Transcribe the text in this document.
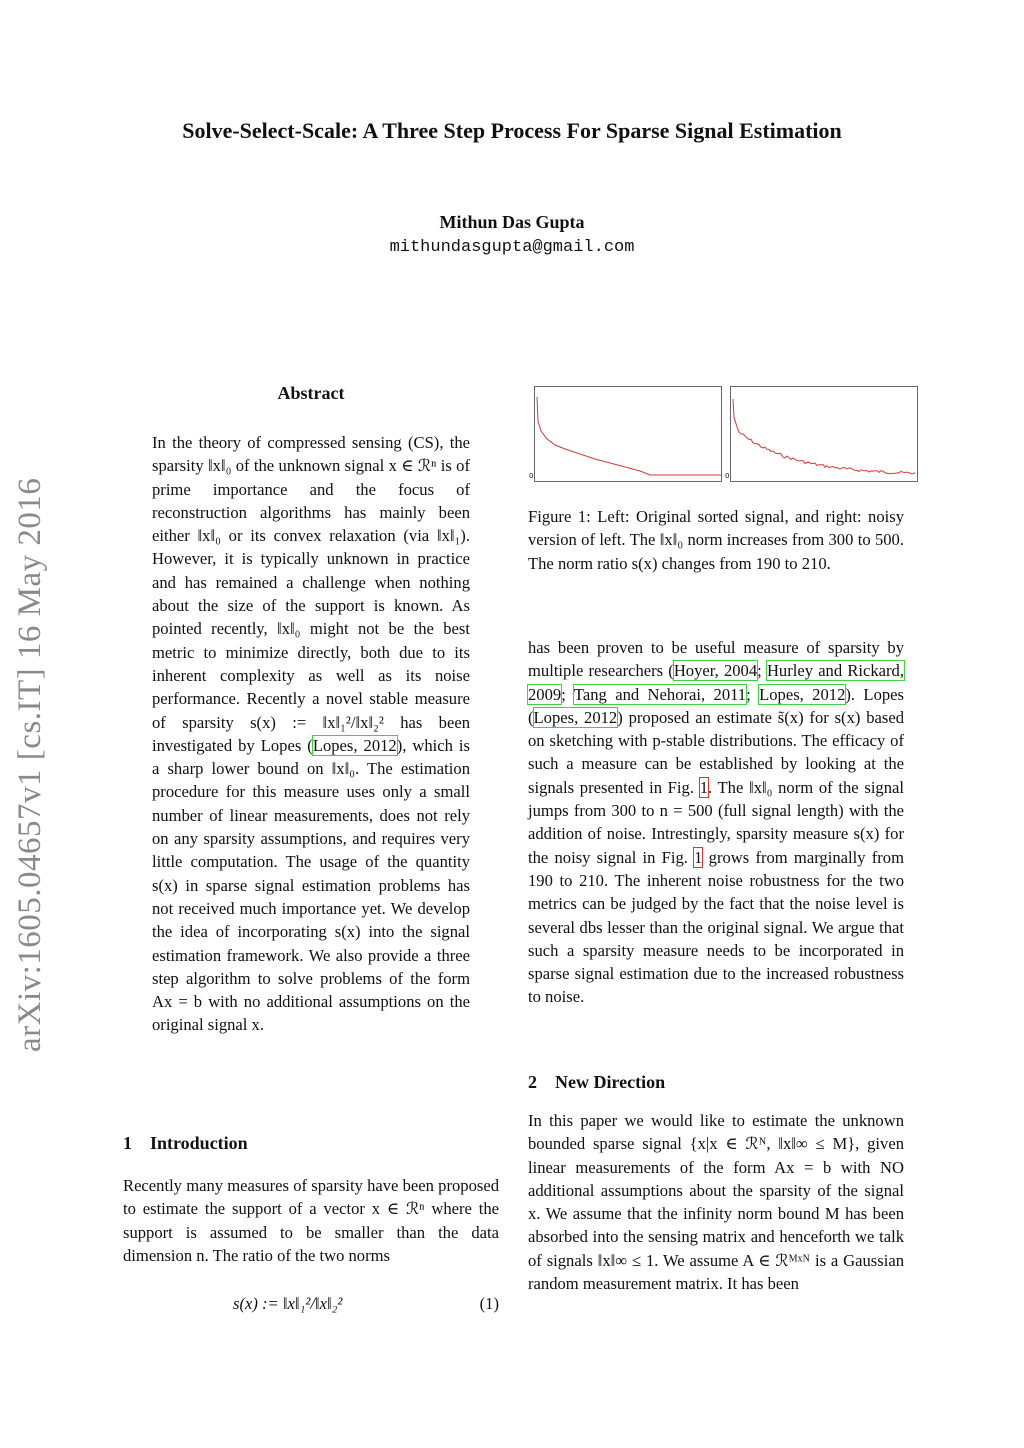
Solve-Select-Scale: A Three Step Process For Sparse Signal Estimation
Mithun Das Gupta
mithundasgupta@gmail.com
arXiv:1605.04657v1 [cs.IT] 16 May 2016
Abstract
In the theory of compressed sensing (CS), the sparsity ‖x‖₀ of the unknown signal x ∈ ℛⁿ is of prime importance and the focus of reconstruction algorithms has mainly been either ‖x‖₀ or its convex relaxation (via ‖x‖₁). However, it is typically unknown in practice and has remained a challenge when nothing about the size of the support is known. As pointed recently, ‖x‖₀ might not be the best metric to minimize directly, both due to its inherent complexity as well as its noise performance. Recently a novel stable measure of sparsity s(x) := ‖x‖₁²/‖x‖₂² has been investigated by Lopes (Lopes, 2012), which is a sharp lower bound on ‖x‖₀. The estimation procedure for this measure uses only a small number of linear measurements, does not rely on any sparsity assumptions, and requires very little computation. The usage of the quantity s(x) in sparse signal estimation problems has not received much importance yet. We develop the idea of incorporating s(x) into the signal estimation framework. We also provide a three step algorithm to solve problems of the form Ax = b with no additional assumptions on the original signal x.
1 Introduction
Recently many measures of sparsity have been proposed to estimate the support of a vector x ∈ ℛⁿ where the support is assumed to be smaller than the data dimension n. The ratio of the two norms
s(x) := ‖x‖₁²/‖x‖₂²	(1)
0	0
Figure 1: Left: Original sorted signal, and right: noisy version of left. The ‖x‖₀ norm increases from 300 to 500. The norm ratio s(x) changes from 190 to 210.
has been proven to be useful measure of sparsity by multiple researchers (Hoyer, 2004; Hurley and Rickard, 2009; Tang and Nehorai, 2011; Lopes, 2012). Lopes (Lopes, 2012) proposed an estimate s̃(x) for s(x) based on sketching with p-stable distributions. The efficacy of such a measure can be established by looking at the signals presented in Fig. 1. The ‖x‖₀ norm of the signal jumps from 300 to n = 500 (full signal length) with the addition of noise. Intrestingly, sparsity measure s(x) for the noisy signal in Fig. 1 grows from marginally from 190 to 210. The inherent noise robustness for the two metrics can be judged by the fact that the noise level is several dbs lesser than the original signal. We argue that such a sparsity measure needs to be incorporated in sparse signal estimation due to the increased robustness to noise.
2 New Direction
In this paper we would like to estimate the unknown bounded sparse signal {x|x ∈ ℛᴺ, ‖x‖∞ ≤ M}, given linear measurements of the form Ax = b with NO additional assumptions about the sparsity of the signal x. We assume that the infinity norm bound M has been absorbed into the sensing matrix and henceforth we talk of signals ‖x‖∞ ≤ 1. We assume A ∈ ℛᴹˣᴺ is a Gaussian random measurement matrix. It has been
